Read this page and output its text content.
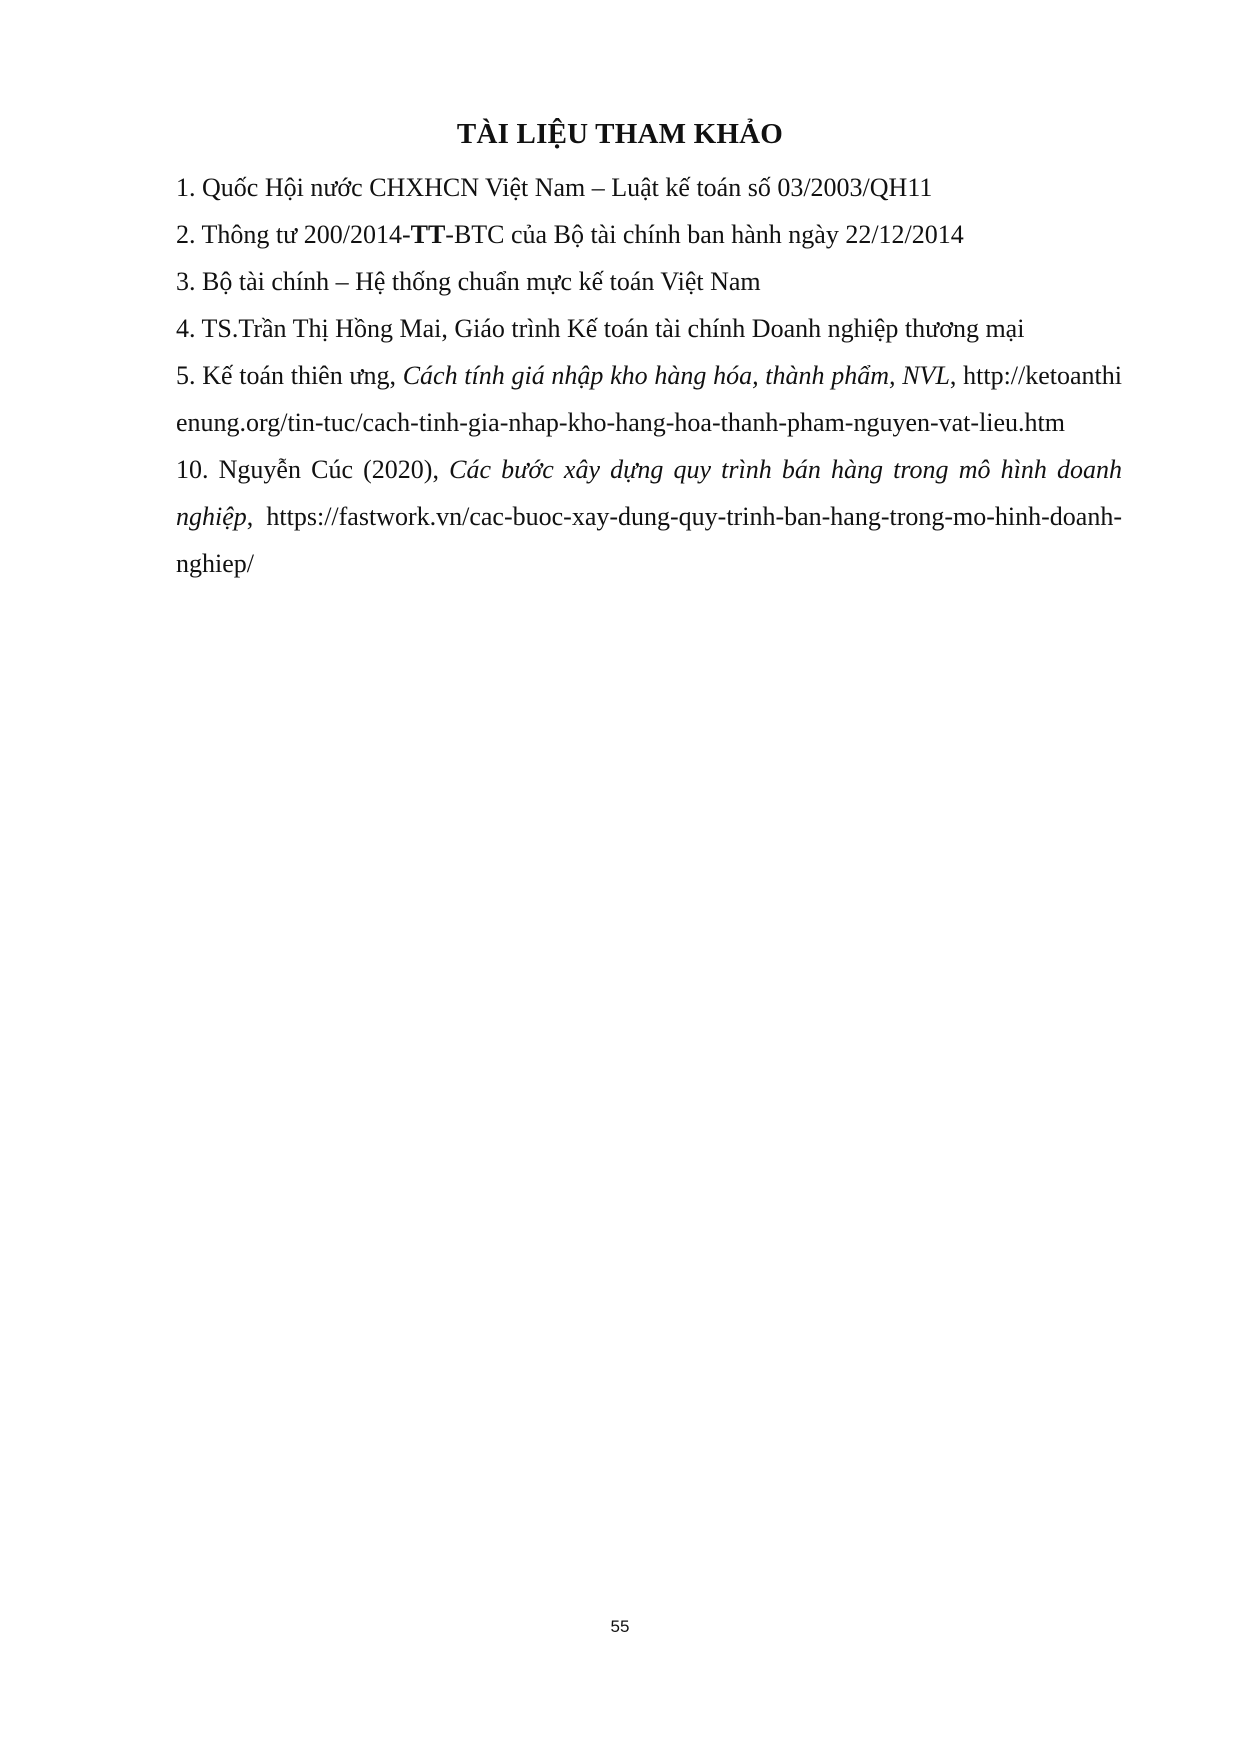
TÀI LIỆU THAM KHẢO

1. Quốc Hội nước CHXHCN Việt Nam – Luật kế toán số 03/2003/QH11

2. Thông tư 200/2014-TT-BTC của Bộ tài chính ban hành ngày 22/12/2014

3. Bộ tài chính – Hệ thống chuẩn mực kế toán Việt Nam

4. TS.Trần Thị Hồng Mai, Giáo trình Kế toán tài chính Doanh nghiệp thương mại

5. Kế toán thiên ưng, Cách tính giá nhập kho hàng hóa, thành phẩm, NVL, http://ketoanthienung.org/tin-tuc/cach-tinh-gia-nhap-kho-hang-hoa-thanh-pham-nguyen-vat-lieu.htm

10. Nguyễn Cúc (2020), Các bước xây dựng quy trình bán hàng trong mô hình doanh nghiệp, https://fastwork.vn/cac-buoc-xay-dung-quy-trinh-ban-hang-trong-mo-hinh-doanh-nghiep/

55
